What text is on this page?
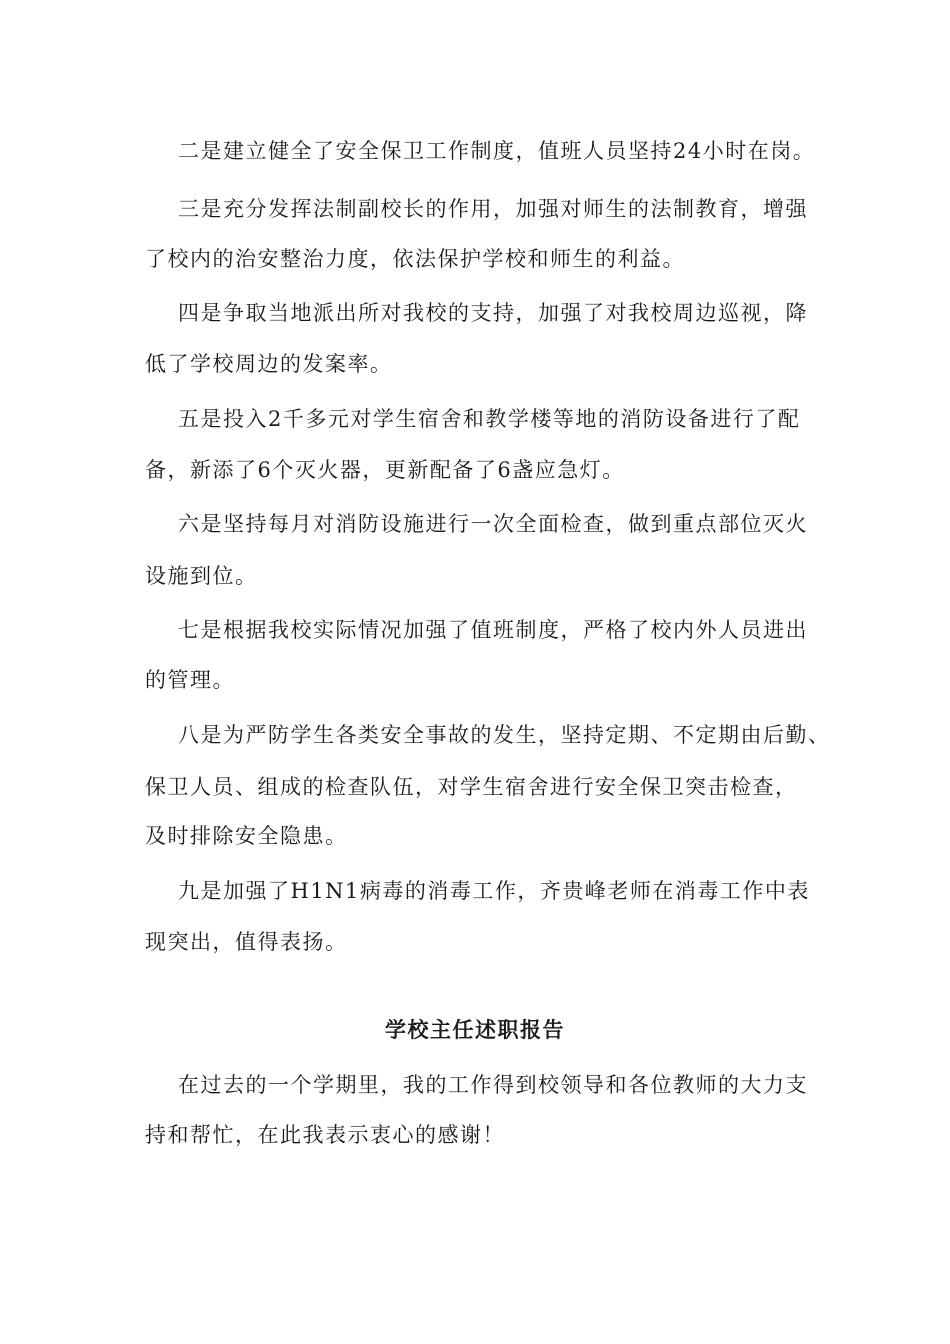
二是建立健全了安全保卫工作制度，值班人员坚持24小时在岗。
三是充分发挥法制副校长的作用，加强对师生的法制教育，增强
了校内的治安整治力度，依法保护学校和师生的利益。
四是争取当地派出所对我校的支持，加强了对我校周边巡视，降
低了学校周边的发案率。
五是投入2千多元对学生宿舍和教学楼等地的消防设备进行了配
备，新添了6个灭火器，更新配备了6盏应急灯。
六是坚持每月对消防设施进行一次全面检查，做到重点部位灭火
设施到位。
七是根据我校实际情况加强了值班制度，严格了校内外人员进出
的管理。
八是为严防学生各类安全事故的发生，坚持定期、不定期由后勤、
保卫人员、组成的检查队伍，对学生宿舍进行安全保卫突击检查，
及时排除安全隐患。
九是加强了H1N1病毒的消毒工作，齐贵峰老师在消毒工作中表
现突出，值得表扬。
学校主任述职报告
在过去的一个学期里，我的工作得到校领导和各位教师的大力支
持和帮忙，在此我表示衷心的感谢！
